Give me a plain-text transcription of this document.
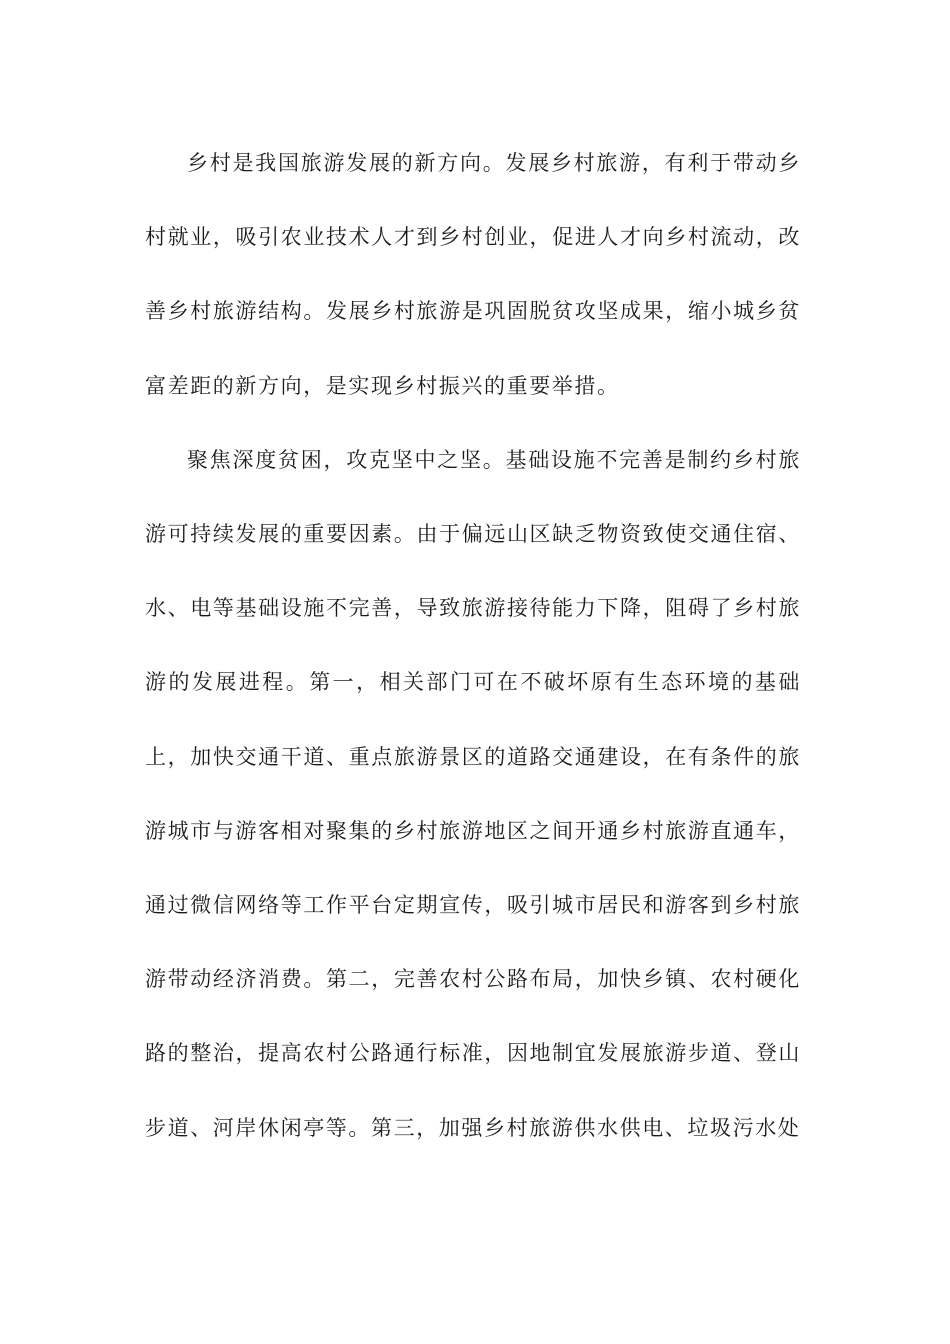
乡村是我国旅游发展的新方向。发展乡村旅游，有利于带动乡村就业，吸引农业技术人才到乡村创业，促进人才向乡村流动，改善乡村旅游结构。发展乡村旅游是巩固脱贫攻坚成果，缩小城乡贫富差距的新方向，是实现乡村振兴的重要举措。

聚焦深度贫困，攻克坚中之坚。基础设施不完善是制约乡村旅游可持续发展的重要因素。由于偏远山区缺乏物资致使交通住宿、水、电等基础设施不完善，导致旅游接待能力下降，阻碍了乡村旅游的发展进程。第一，相关部门可在不破坏原有生态环境的基础上，加快交通干道、重点旅游景区的道路交通建设，在有条件的旅游城市与游客相对聚集的乡村旅游地区之间开通乡村旅游直通车，通过微信网络等工作平台定期宣传，吸引城市居民和游客到乡村旅游带动经济消费。第二，完善农村公路布局，加快乡镇、农村硬化路的整治，提高农村公路通行标准，因地制宜发展旅游步道、登山步道、河岸休闲亭等。第三，加强乡村旅游供水供电、垃圾污水处
